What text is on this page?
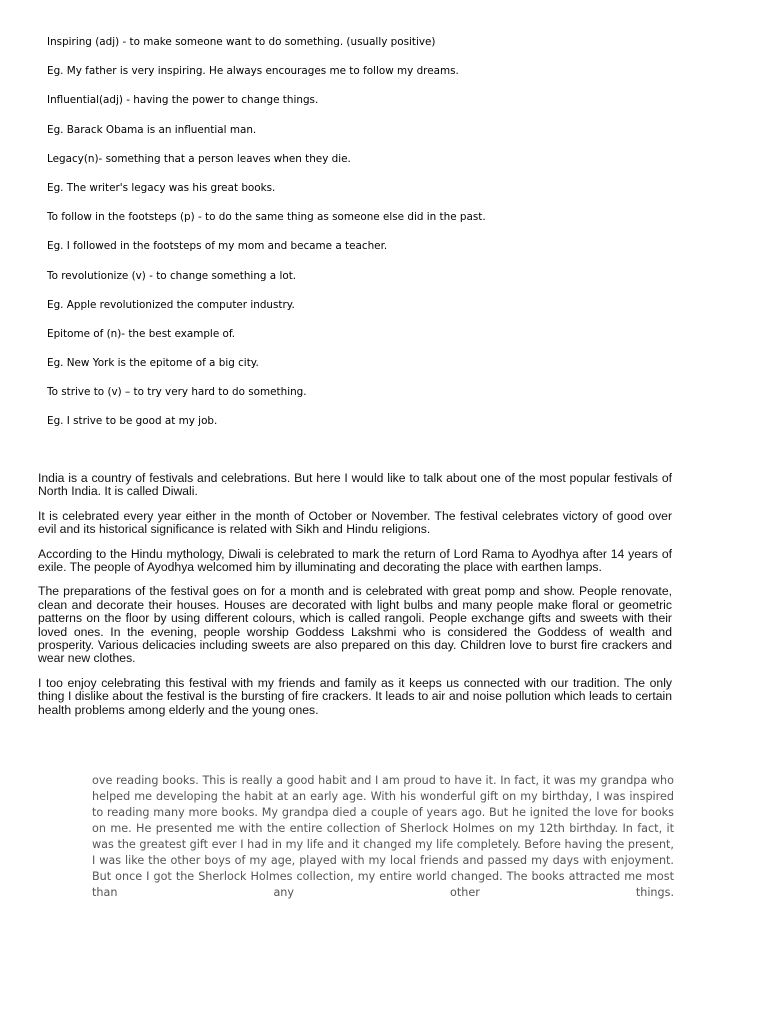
Inspiring (adj) - to make someone want to do something. (usually positive)
Eg. My father is very inspiring. He always encourages me to follow my dreams.
Influential(adj) - having the power to change things.
Eg. Barack Obama is an influential man.
Legacy(n)- something that a person leaves when they die.
Eg. The writer's legacy was his great books.
To follow in the footsteps (p) - to do the same thing as someone else did in the past.
Eg. I followed in the footsteps of my mom and became a teacher.
To revolutionize (v) - to change something a lot.
Eg. Apple revolutionized the computer industry.
Epitome of (n)- the best example of.
Eg. New York is the epitome of a big city.
To strive to (v) – to try very hard to do something.
Eg. I strive to be good at my job.

India is a country of festivals and celebrations. But here I would like to talk about one of the most popular festivals of North India. It is called Diwali.

It is celebrated every year either in the month of October or November. The festival celebrates victory of good over evil and its historical significance is related with Sikh and Hindu religions.

According to the Hindu mythology, Diwali is celebrated to mark the return of Lord Rama to Ayodhya after 14 years of exile. The people of Ayodhya welcomed him by illuminating and decorating the place with earthen lamps.

The preparations of the festival goes on for a month and is celebrated with great pomp and show. People renovate, clean and decorate their houses. Houses are decorated with light bulbs and many people make floral or geometric patterns on the floor by using different colours, which is called rangoli. People exchange gifts and sweets with their loved ones. In the evening, people worship Goddess Lakshmi who is considered the Goddess of wealth and prosperity. Various delicacies including sweets are also prepared on this day. Children love to burst fire crackers and wear new clothes.

I too enjoy celebrating this festival with my friends and family as it keeps us connected with our tradition. The only thing I dislike about the festival is the bursting of fire crackers. It leads to air and noise pollution which leads to certain health problems among elderly and the young ones.

ove reading books. This is really a good habit and I am proud to have it. In fact, it was my grandpa who helped me developing the habit at an early age. With his wonderful gift on my birthday, I was inspired to reading many more books. My grandpa died a couple of years ago. But he ignited the love for books on me. He presented me with the entire collection of Sherlock Holmes on my 12th birthday. In fact, it was the greatest gift ever I had in my life and it changed my life completely. Before having the present, I was like the other boys of my age, played with my local friends and passed my days with enjoyment. But once I got the Sherlock Holmes collection, my entire world changed. The books attracted me most than any other things.
